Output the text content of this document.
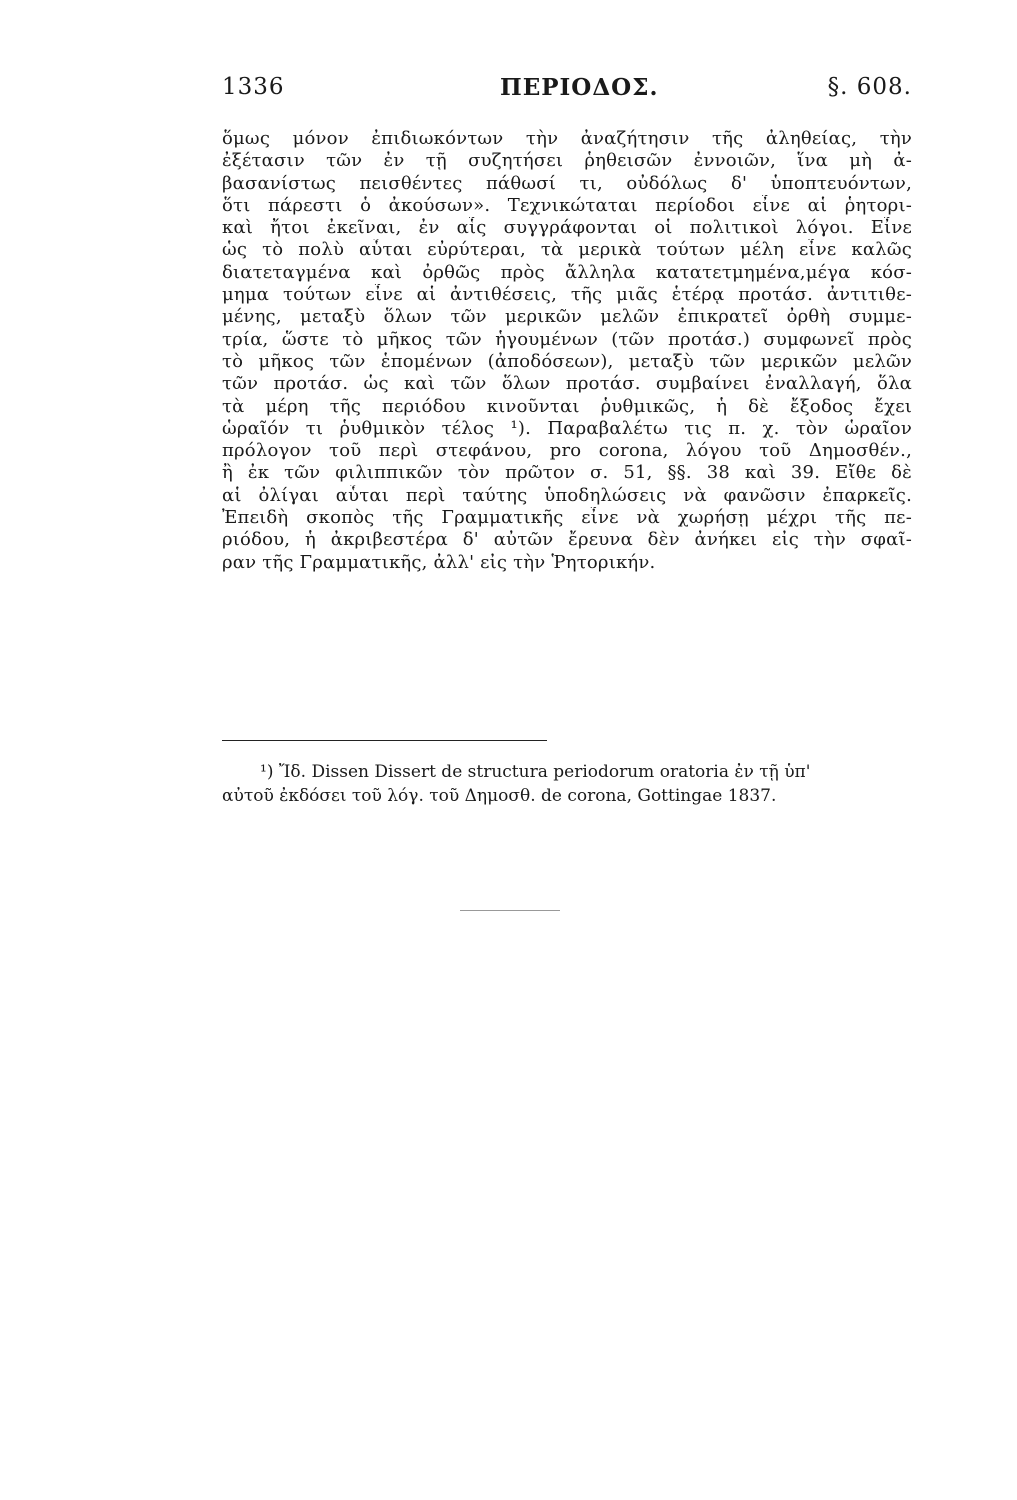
1336	ΠΕΡΙΟΔΟΣ.	§. 608.
ὅμως μόνον ἐπιδιωκόντων τὴν ἀναζήτησιν τῆς ἀληθείας, τὴν
ἐξέτασιν τῶν ἐν τῇ συζητήσει ῥηθεισῶν ἐννοιῶν, ἵνα μὴ ἀ-
βασανίστως πεισθέντες πάθωσί τι, οὐδόλως δ' ὑποπτευόντων,
ὅτι πάρεστι ὁ ἀκούσων». Τεχνικώταται περίοδοι εἶνε αἱ ῥητορι-
καὶ ἤτοι ἐκεῖναι, ἐν αἷς συγγράφονται οἱ πολιτικοὶ λόγοι. Εἶνε
ὡς τὸ πολὺ αὗται εὐρύτεραι, τὰ μερικὰ τούτων μέλη εἶνε καλῶς
διατεταγμένα καὶ ὀρθῶς πρὸς ἄλληλα κατατετμημένα,μέγα κόσ-
μημα τούτων εἶνε αἱ ἀντιθέσεις, τῆς μιᾶς ἑτέρᾳ προτάσ. ἀντιτιθε-
μένης, μεταξὺ ὅλων τῶν μερικῶν μελῶν ἐπικρατεῖ ὀρθὴ συμμε-
τρία, ὥστε τὸ μῆκος τῶν ἡγουμένων (τῶν προτάσ.) συμφωνεῖ πρὸς
τὸ μῆκος τῶν ἑπομένων (ἀποδόσεων), μεταξὺ τῶν μερικῶν μελῶν
τῶν προτάσ. ὡς καὶ τῶν ὅλων προτάσ. συμβαίνει ἐναλλαγή, ὅλα
τὰ μέρη τῆς περιόδου κινοῦνται ῥυθμικῶς, ἡ δὲ ἔξοδος ἔχει
ὡραῖόν τι ῥυθμικὸν τέλος ¹). Παραβαλέτω τις π. χ. τὸν ὡραῖον
πρόλογον τοῦ περὶ στεφάνου, pro corona, λόγου τοῦ Δημοσθέν.,
ἢ ἐκ τῶν φιλιππικῶν τὸν πρῶτον σ. 51, §§. 38 καὶ 39. Εἴθε δὲ
αἱ ὀλίγαι αὗται περὶ ταύτης ὑποδηλώσεις νὰ φανῶσιν ἐπαρκεῖς.
Ἐπειδὴ σκοπὸς τῆς Γραμματικῆς εἶνε νὰ χωρήσῃ μέχρι τῆς πε-
ριόδου, ἡ ἀκριβεστέρα δ' αὐτῶν ἔρευνα δὲν ἀνήκει εἰς τὴν σφαῖ-
ραν τῆς Γραμματικῆς, ἀλλ' εἰς τὴν Ῥητορικήν.
¹) Ἴδ. Dissen Dissert de structura periodorum oratoria ἐν τῇ ὑπ'
αὐτοῦ ἐκδόσει τοῦ λόγ. τοῦ Δημοσθ. de corona, Gottingae 1837.
